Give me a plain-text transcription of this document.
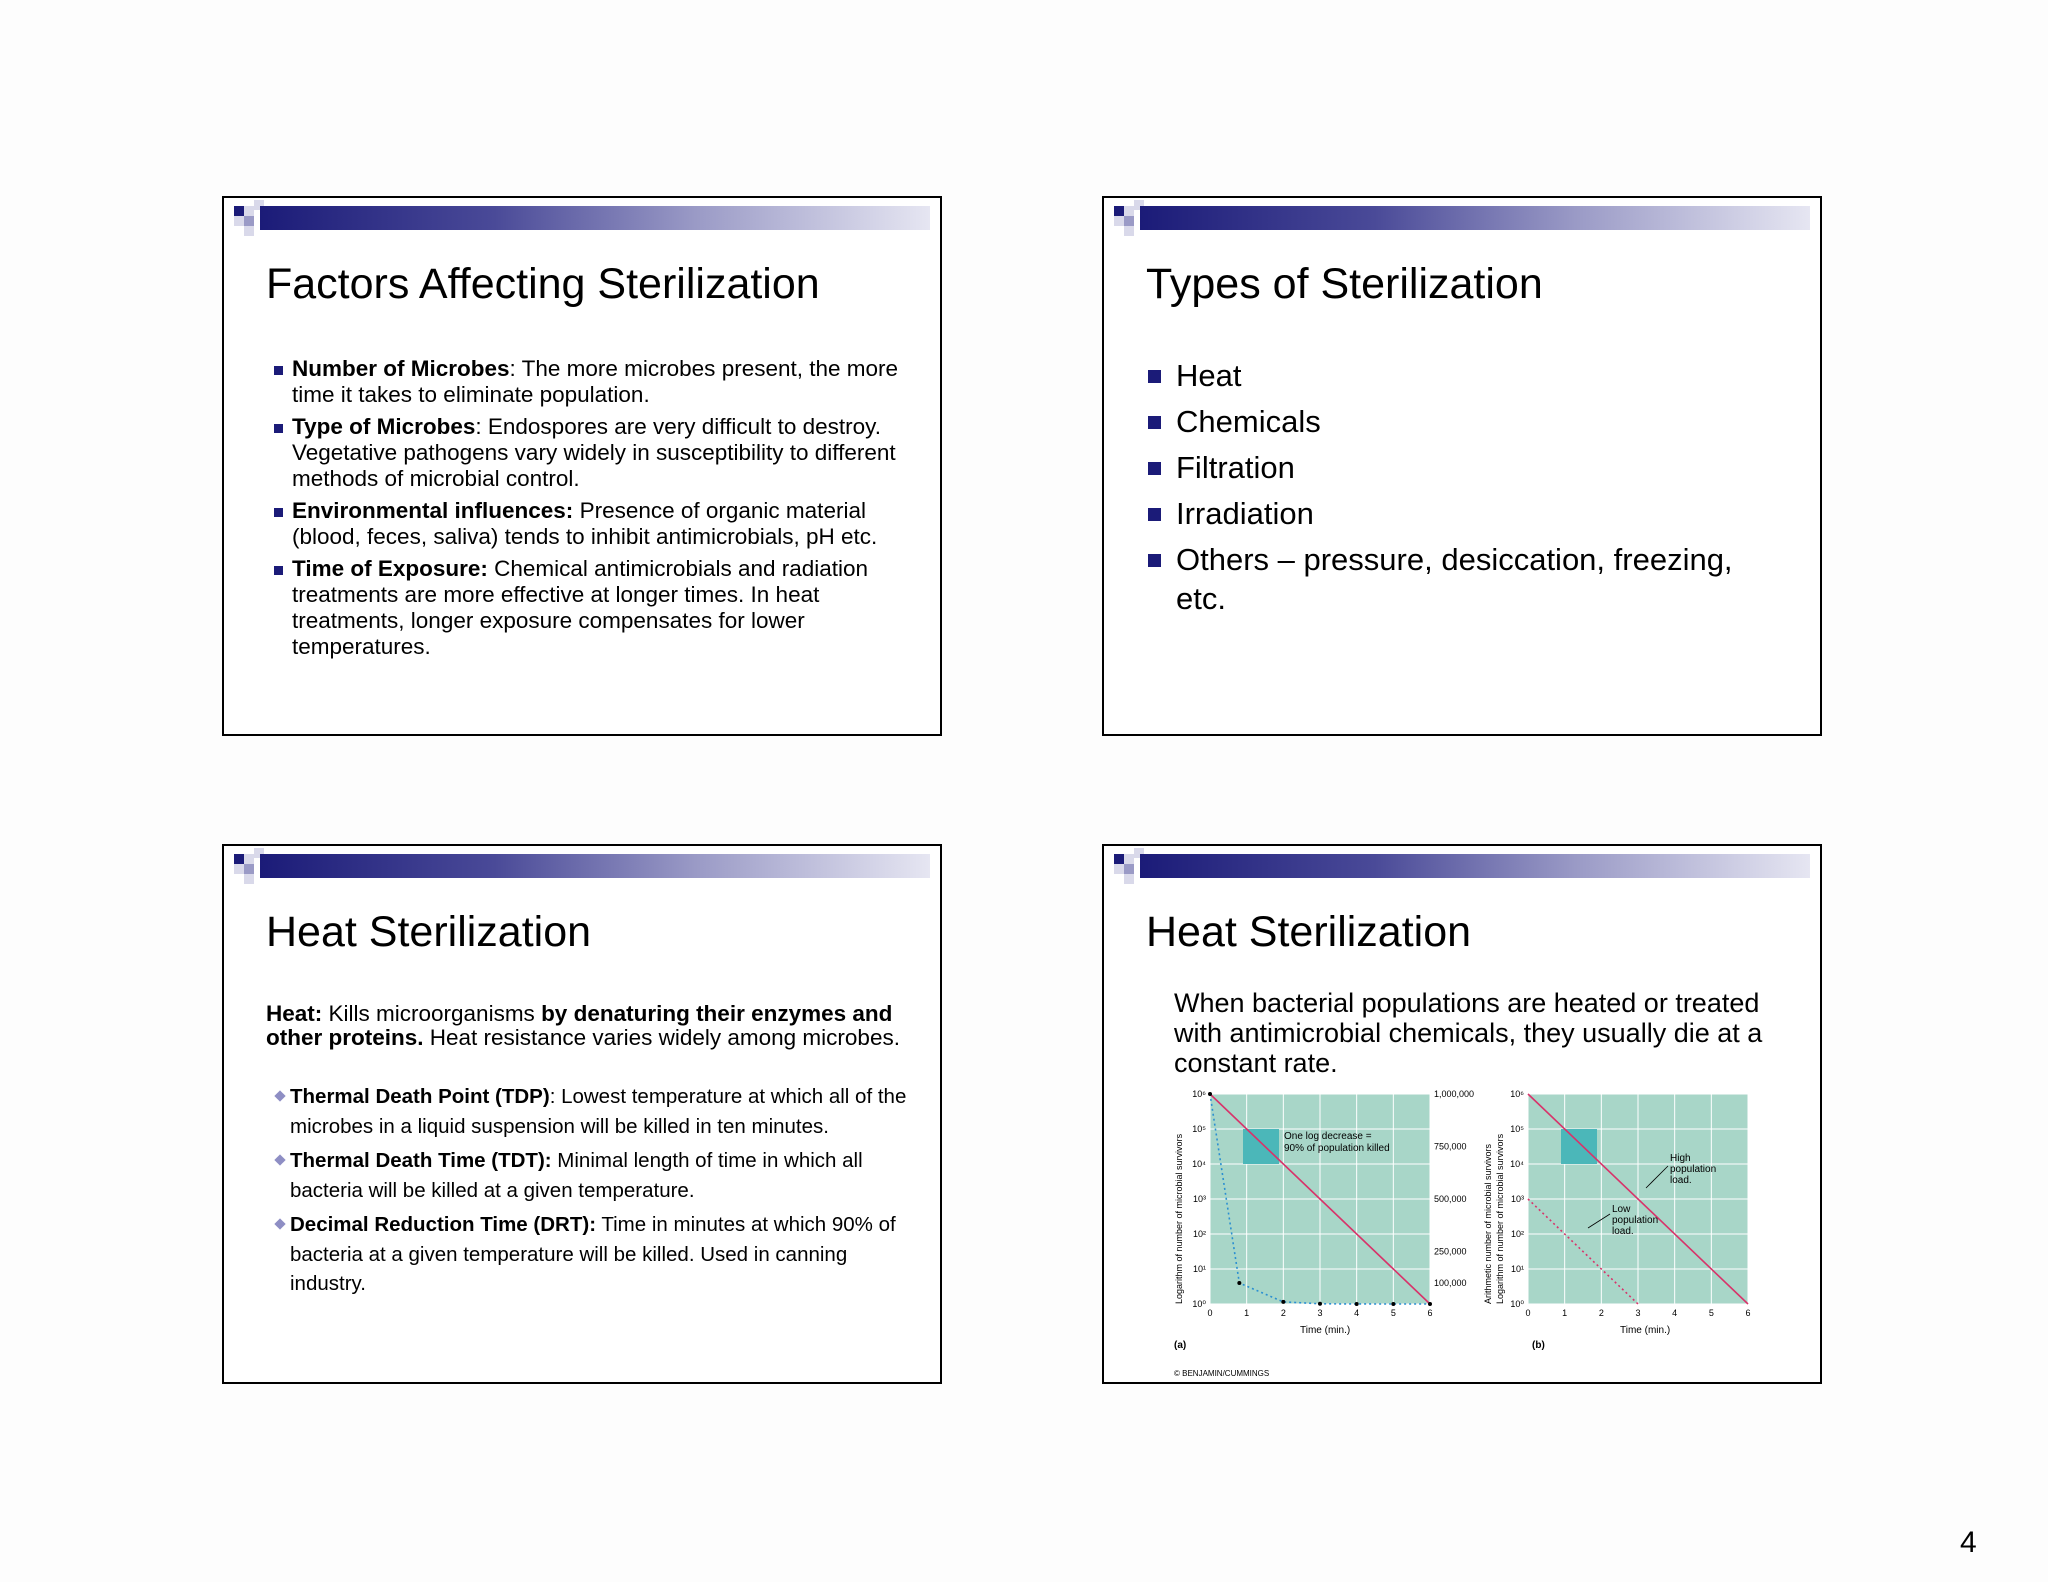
Factors Affecting Sterilization
Number of Microbes: The more microbes present, the more time it takes to eliminate population.
Type of Microbes: Endospores are very difficult to destroy. Vegetative pathogens vary widely in susceptibility to different methods of microbial control.
Environmental influences: Presence of organic material (blood, feces, saliva) tends to inhibit antimicrobials, pH etc.
Time of Exposure: Chemical antimicrobials and radiation treatments are more effective at longer times. In heat treatments, longer exposure compensates for lower temperatures.
Types of Sterilization
Heat
Chemicals
Filtration
Irradiation
Others – pressure, desiccation, freezing, etc.
Heat Sterilization
Heat: Kills microorganisms by denaturing their enzymes and other proteins. Heat resistance varies widely among microbes.
Thermal Death Point (TDP): Lowest temperature at which all of the microbes in a liquid suspension will be killed in ten minutes.
Thermal Death Time (TDT): Minimal length of time in which all bacteria will be killed at a given temperature.
Decimal Reduction Time (DRT): Time in minutes at which 90% of bacteria at a given temperature will be killed. Used in canning industry.
Heat Sterilization
When bacterial populations are heated or treated with antimicrobial chemicals, they usually die at a constant rate.
0	1	2	3	4	5	6
10⁰
10¹
10²
10³
10⁴
10⁵
10⁶	1,000,000
750,000
500,000
250,000
100,000
One log decrease = 90% of population killed
Logarithm of number of microbial survivors	Arithmetic number of microbial survivors
Time (min.)
(a)
0	1	2	3	4	5	6
10⁰
10¹
10²
10³
10⁴
10⁵
10⁶
Logarithm of number of microbial survivors
Time (min.)
(b)
High population load.
Low population load.
© BENJAMIN/CUMMINGS
4
